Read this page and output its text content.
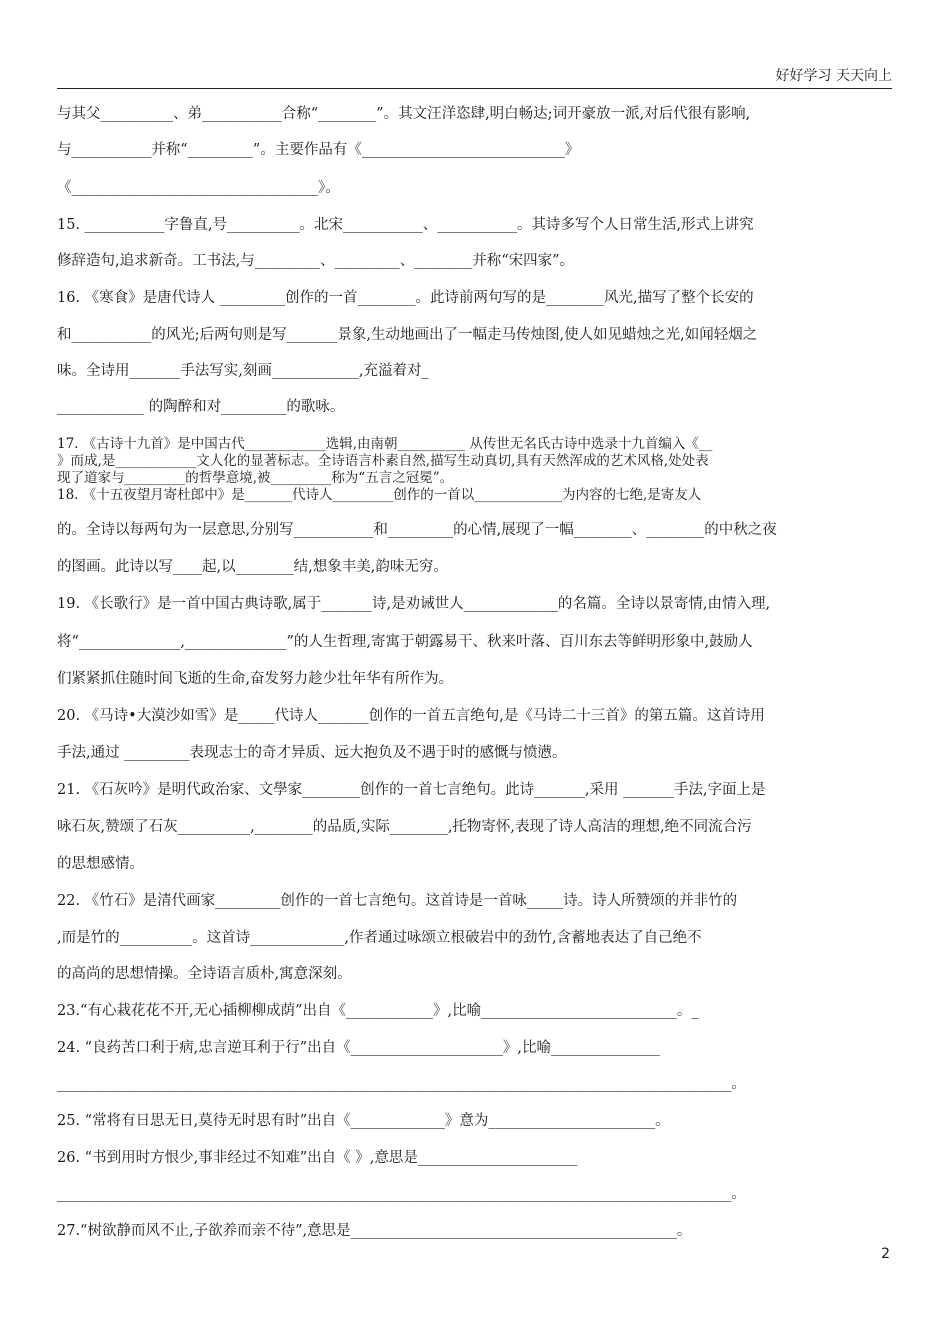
好好学习 天天向上

与其父__________、弟___________合称“________”。其文汪洋恣肆,明白畅达;词开豪放一派,对后代很有影响,

与___________并称“_________”。主要作品有《____________________________》

《__________________________________》。

15. ___________字鲁直,号__________。北宋___________、___________。其诗多写个人日常生活,形式上讲究

修辞造句,追求新奇。工书法,与_________、_________、________并称“宋四家”。

16. 《寒食》是唐代诗人 _________创作的一首________。此诗前两句写的是________风光,描写了整个长安的

和___________的风光;后两句则是写_______景象,生动地画出了一幅走马传烛图,使人如见蜡烛之光,如闻轻烟之

味。全诗用_______手法写实,刻画____________,充溢着对_

____________ 的陶醉和对_________的歌咏。

17. 《古诗十九首》是中国古代____________选辑,由南朝__________ 从传世无名氏古诗中选录十九首编入《__
》而成,是____________文人化的显著标志。全诗语言朴素自然,描写生动真切,具有天然浑成的艺术风格,处处表
现了道家与_________的哲學意境,被_________称为“五言之冠冕”。
18. 《十五夜望月寄杜郎中》是_______代诗人_________创作的一首以_____________为内容的七绝,是寄友人

的。全诗以每两句为一层意思,分别写___________和_________的心情,展现了一幅________、________的中秋之夜

的图画。此诗以写____起,以________结,想象丰美,韵味无穷。

19. 《长歌行》是一首中国古典诗歌,属于_______诗,是劝诫世人_____________的名篇。全诗以景寄情,由情入理,

将“______________,______________”的人生哲理,寄寓于朝露易干、秋来叶落、百川东去等鲜明形象中,鼓励人

们紧紧抓住随时间飞逝的生命,奋发努力趁少壮年华有所作为。

20. 《马诗•大漠沙如雪》是_____代诗人_______创作的一首五言绝句,是《马诗二十三首》的第五篇。这首诗用

手法,通过 _________表现志士的奇才异质、远大抱负及不遇于时的感慨与愤懑。

21. 《石灰吟》是明代政治家、文學家________创作的一首七言绝句。此诗_______,采用 _______手法,字面上是

咏石灰,赞颂了石灰__________,________的品质,实际________,托物寄怀,表现了诗人高洁的理想,绝不同流合污

的思想感情。

22. 《竹石》是清代画家_________创作的一首七言绝句。这首诗是一首咏_____诗。诗人所赞颂的并非竹的

,而是竹的__________。这首诗_____________,作者通过咏颂立根破岩中的劲竹,含蓄地表达了自己绝不

的高尚的思想情操。全诗语言质朴,寓意深刻。

23.“有心栽花花不开,无心插柳柳成荫”出自《____________》,比喻___________________________。_

24. “良药苦口利于病,忠言逆耳利于行”出自《_____________________》,比喻_______________

_____________________________________________________________________________________________。

25. “常将有日思无日,莫待无时思有时”出自《_____________》意为_______________________。

26. “书到用时方恨少,事非经过不知难”出自《 》,意思是______________________

_____________________________________________________________________________________________。

27.“树欲静而风不止,子欲养而亲不待”,意思是_____________________________________________。

2
